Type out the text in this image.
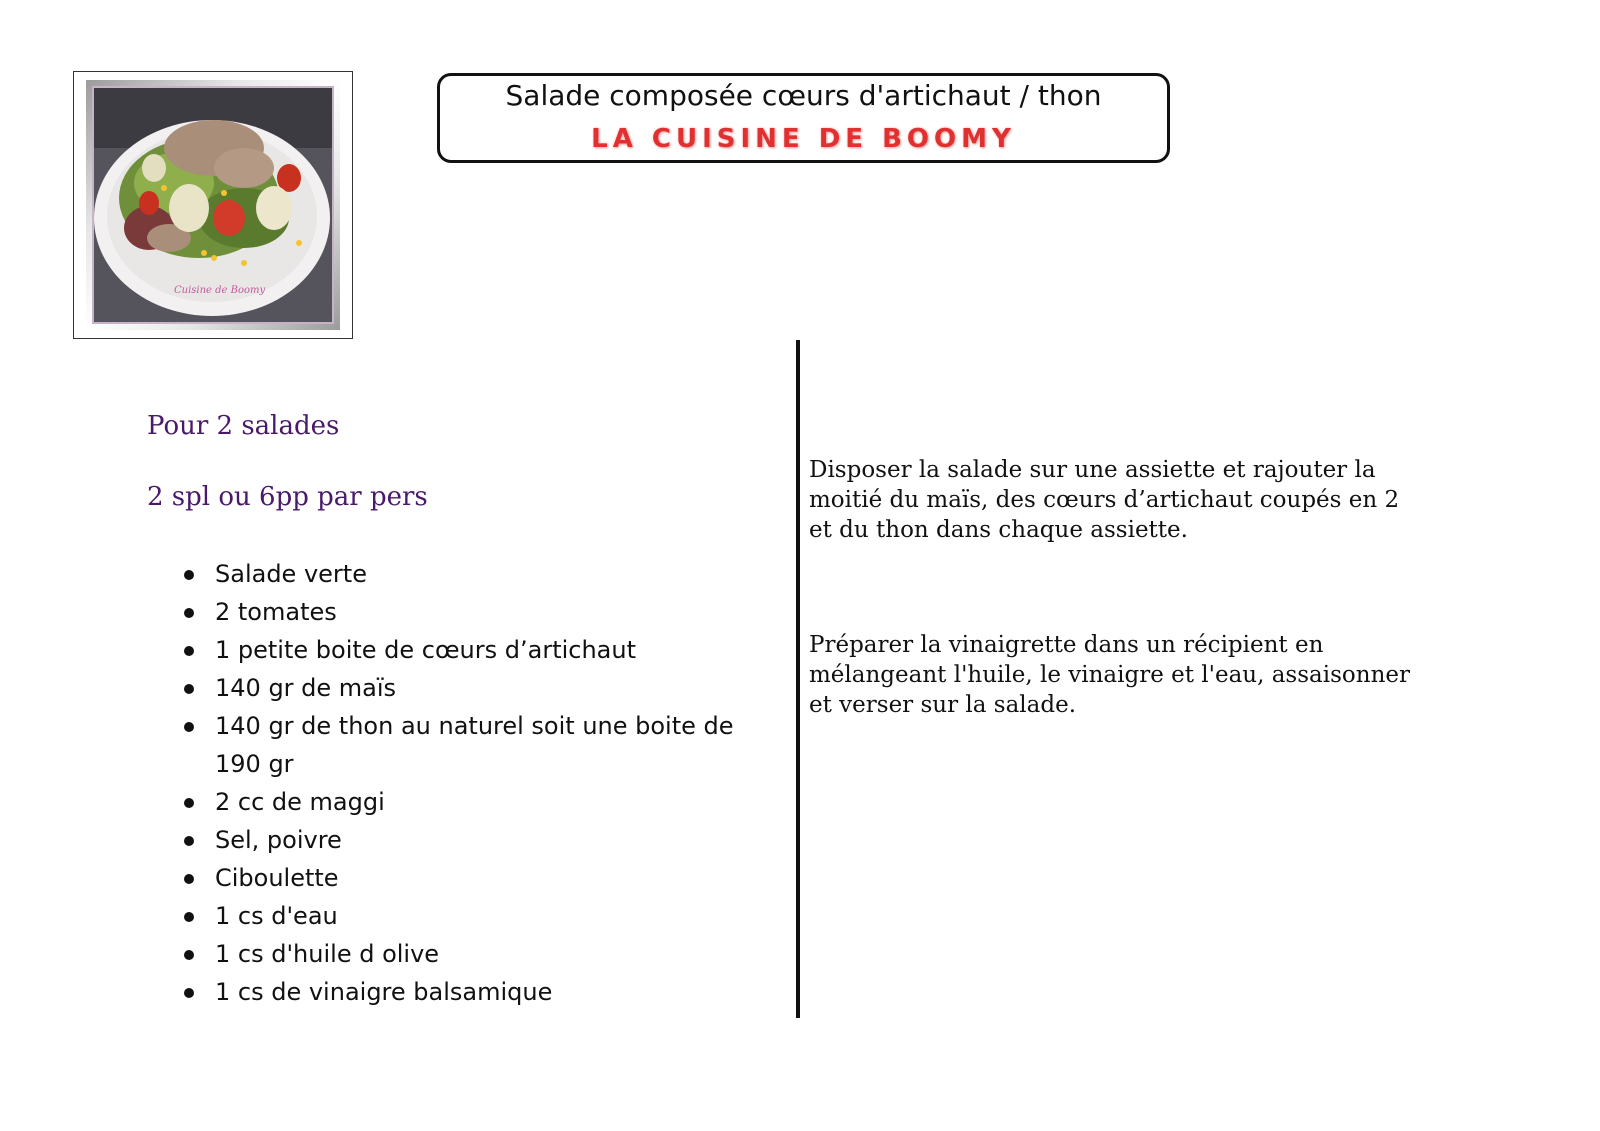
Cuisine de Boomy
Salade composée cœurs d'artichaut / thon
LA CUISINE DE BOOMY

Pour 2 salades

2 spl ou 6pp par pers

Salade verte
2 tomates
1 petite boite de cœurs d’artichaut
140 gr de maïs
140 gr de thon au naturel soit une boite de 190 gr
2 cc de maggi
Sel, poivre
Ciboulette
1 cs d'eau
1 cs d'huile d olive
1 cs de vinaigre balsamique

Disposer la salade sur une assiette et rajouter la moitié du maïs, des cœurs d’artichaut coupés en 2 et du thon dans chaque assiette.

Préparer la vinaigrette dans un récipient en mélangeant l'huile, le vinaigre et l'eau, assaisonner et verser sur la salade.
